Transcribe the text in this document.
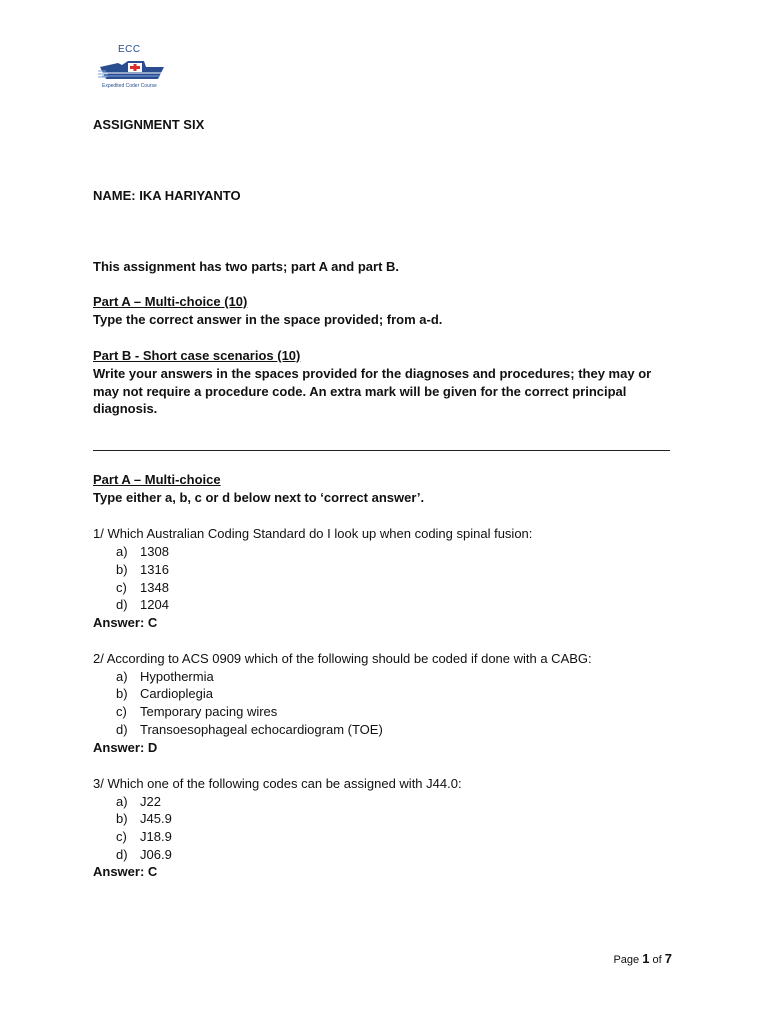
ECC
Expedited Coder Course
ASSIGNMENT SIX
NAME: IKA HARIYANTO
This assignment has two parts; part A and part B.
Part A – Multi-choice (10)
Type the correct answer in the space provided; from a-d.
Part B - Short case scenarios (10)
Write your answers in the spaces provided for the diagnoses and procedures; they may or
may not require a procedure code. An extra mark will be given for the correct principal
diagnosis.
Part A – Multi-choice
Type either a, b, c or d below next to ‘correct answer’.
1/ Which Australian Coding Standard do I look up when coding spinal fusion:
a) 1308
b) 1316
c)	1348
d) 1204
Answer: C
2/ According to ACS 0909 which of the following should be coded if done with a CABG:
a) Hypothermia
b) Cardioplegia
c)	Temporary pacing wires
d) Transoesophageal echocardiogram (TOE)
Answer: D
3/ Which one of the following codes can be assigned with J44.0:
a) J22
b) J45.9
c)	J18.9
d) J06.9
Answer: C
Page 1 of 7
